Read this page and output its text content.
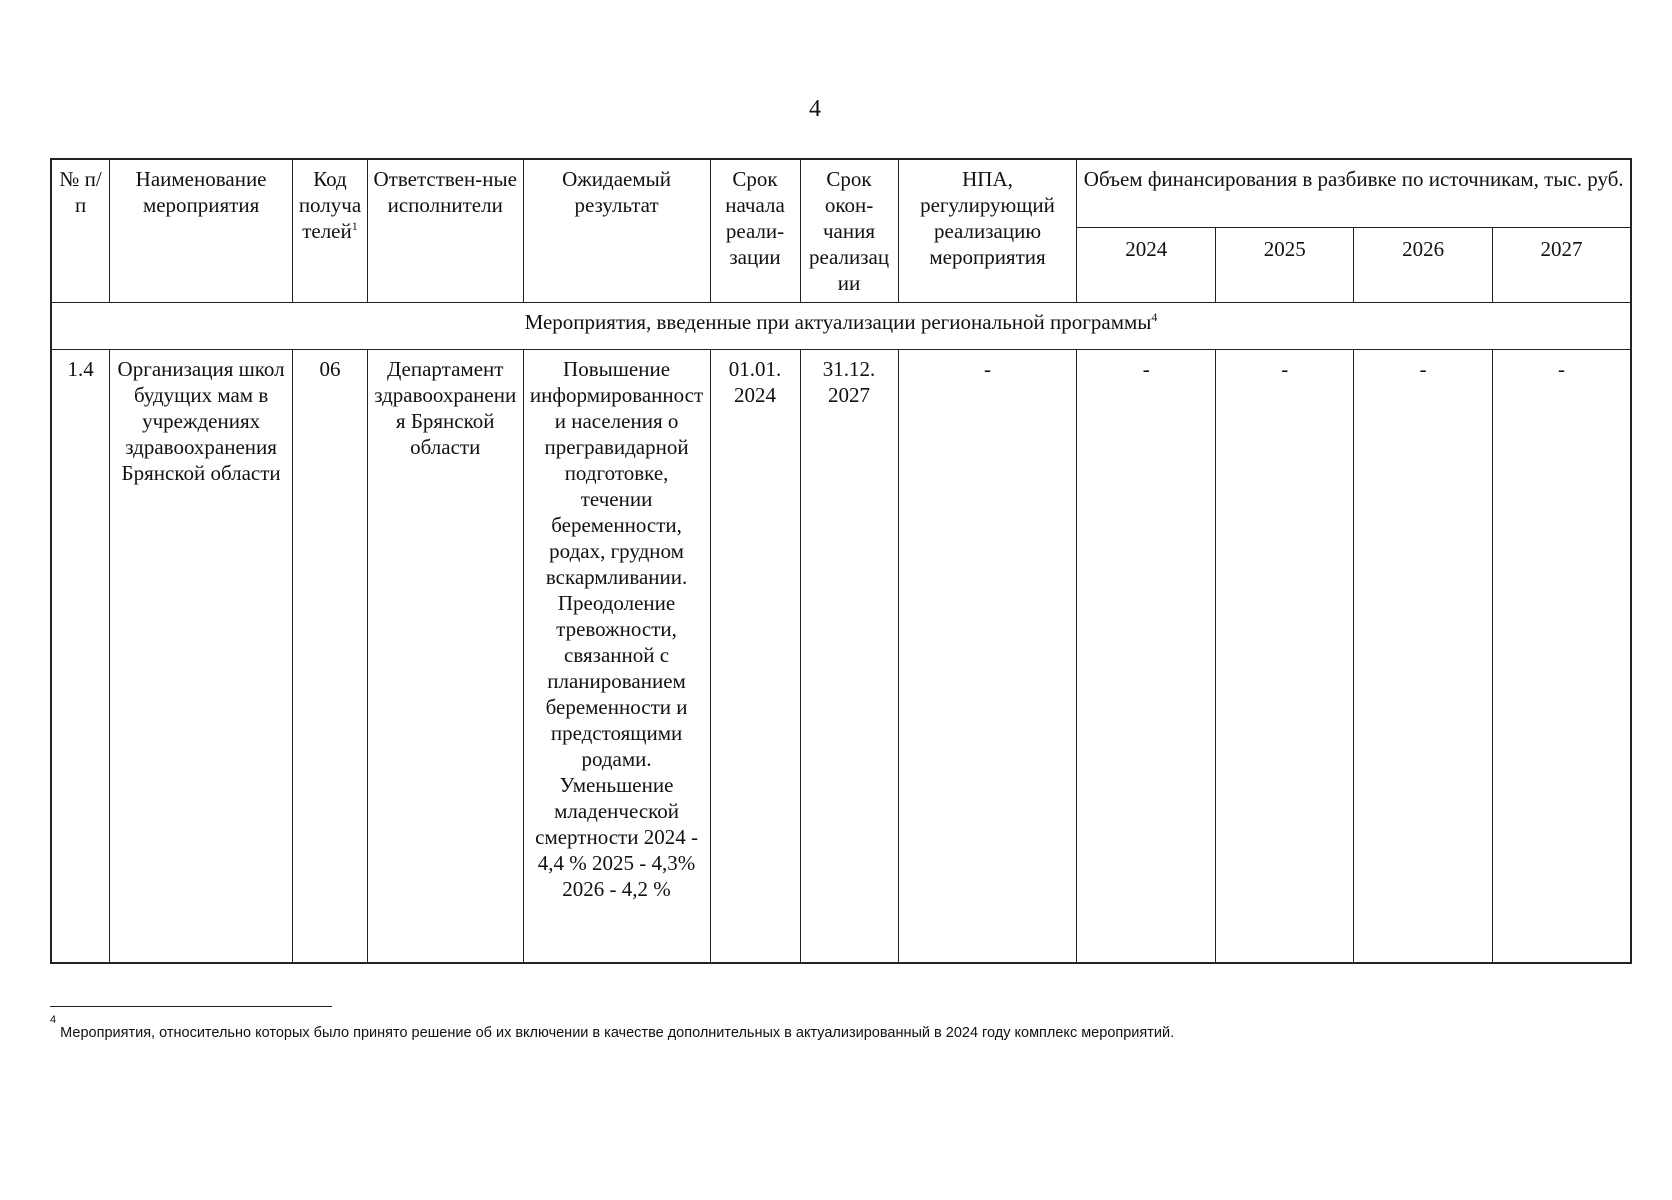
4
№ п/п	Наименование мероприятия	Код получателей$^1$	Ответствен-ные исполнители	Ожидаемый результат	Срок начала реали-зации	Срок окон-чания реализации	НПА, регулирующий реализацию мероприятия	Объем финансирования в разбивке по источникам, тыс. руб.			
								2024	2025	2026	2027
Мероприятия, введенные при актуализации региональной программы$^4$
1.4	Организация школ будущих мам в учреждениях здравоохранения Брянской области	06	Департамент здравоохранения Брянской области	Повышение информированности населения о прегравидарной подготовке, течении беременности, родах, грудном вскармливании. Преодоление тревожности, связанной с планированием беременности и предстоящими родами. Уменьшение младенческой смертности 2024 - 4,4 % 2025 - 4,3% 2026 - 4,2 %	01.01. 2024	31.12. 2027	-	-	-	-	-
$^4$ Мероприятия, относительно которых было принято решение об их включении в качестве дополнительных в актуализированный в 2024 году комплекс мероприятий.
